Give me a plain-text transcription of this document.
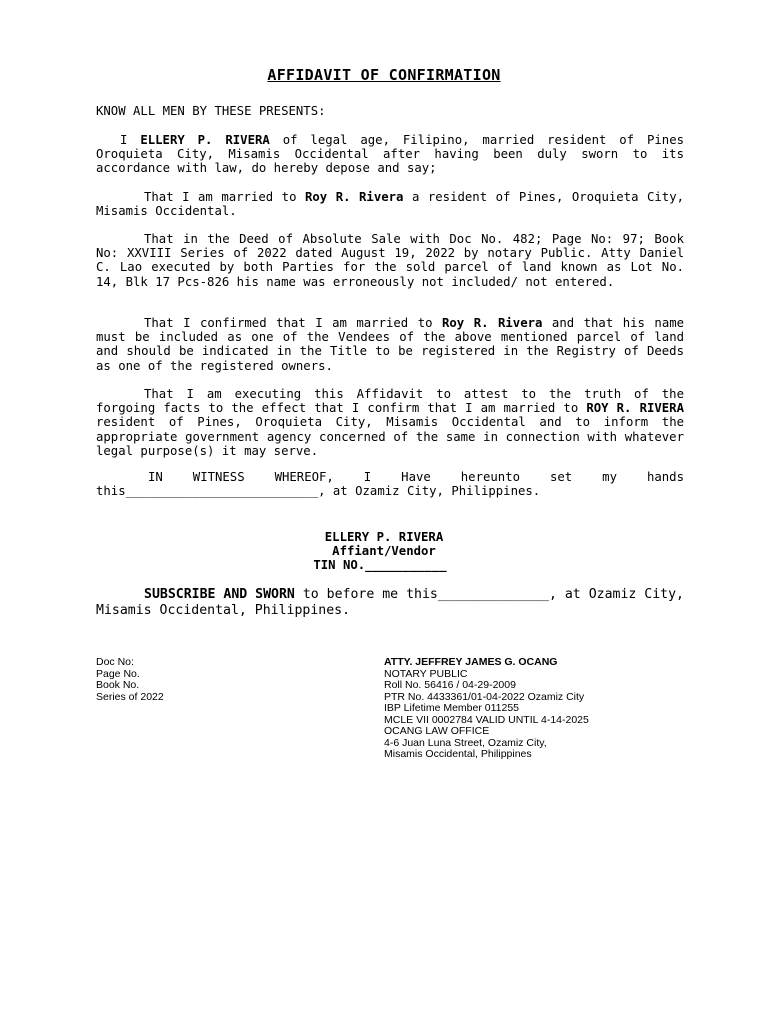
AFFIDAVIT OF CONFIRMATION

KNOW ALL MEN BY THESE PRESENTS:

I ELLERY P. RIVERA of legal age, Filipino, married resident of Pines Oroquieta City, Misamis Occidental after having been duly sworn to its accordance with law, do hereby depose and say;

That I am married to Roy R. Rivera a resident of Pines, Oroquieta City, Misamis Occidental.

That in the Deed of Absolute Sale with Doc No. 482; Page No: 97; Book No: XXVIII Series of 2022 dated August 19, 2022 by notary Public. Atty Daniel C. Lao executed by both Parties for the sold parcel of land known as Lot No. 14, Blk 17 Pcs-826 his name was erroneously not included/ not entered.

That I confirmed that I am married to Roy R. Rivera and that his name must be included as one of the Vendees of the above mentioned parcel of land and should be indicated in the Title to be registered in the Registry of Deeds as one of the registered owners.

That I am executing this Affidavit to attest to the truth of the forgoing facts to the effect that I confirm that I am married to ROY R. RIVERA resident of Pines, Oroquieta City, Misamis Occidental and to inform the appropriate government agency concerned of the same in connection with whatever legal purpose(s) it may serve.

IN WITNESS WHEREOF, I Have hereunto set my hands

this__________________________, at Ozamiz City, Philippines.

ELLERY P. RIVERA

Affiant/Vendor

TIN NO.___________

SUBSCRIBE AND SWORN to before me this______________, at Ozamiz City, Misamis Occidental, Philippines.

Doc No:

Page No.

Book No.

Series of 2022

ATTY. JEFFREY JAMES G. OCANG

NOTARY PUBLIC

Roll No. 56416 / 04-29-2009

PTR No. 4433361/01-04-2022 Ozamiz City

IBP Lifetime Member 011255

MCLE VII 0002784 VALID UNTIL 4-14-2025

OCANG LAW OFFICE

4-6 Juan Luna Street, Ozamiz City,

Misamis Occidental, Philippines
